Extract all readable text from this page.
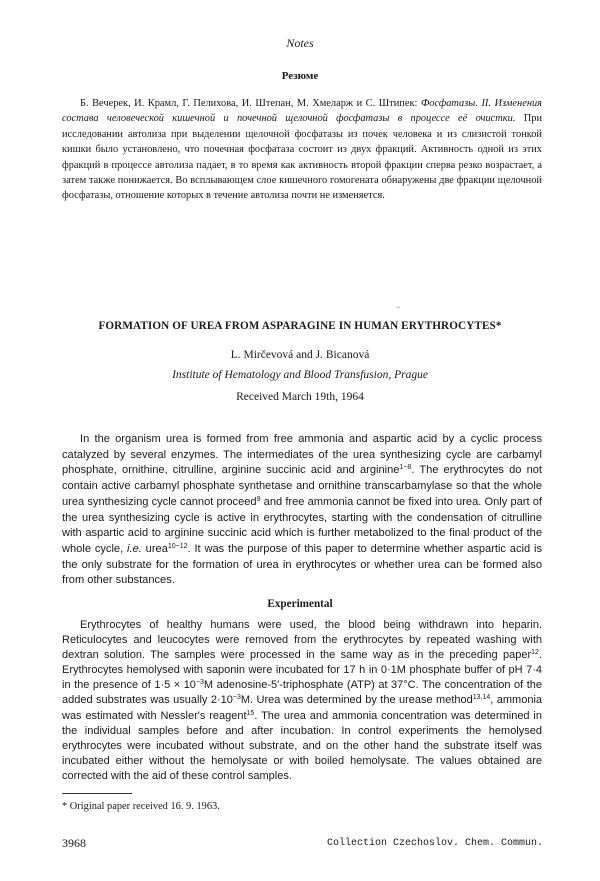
Notes
Резюме

Б. Вечерек, И. Крамл, Г. Пелихова, И. Штепан, М. Хмеларж и С. Штипек: Фосфатазы. II. Изменения состава человеческой кишечной и почечной щелочной фосфатазы в процессе её очистки. При исследовании автолиза при выделении щелочной фосфатазы из почек человека и из слизистой тонкой кишки было установлено, что почечная фосфатаза состоит из двух фракций. Активность одной из этих фракций в процессе автолиза падает, в то время как активность второй фракции сперва резко возрастает, а затем также понижается. Во всплывающем слое кишечного гомогената обнаружены две фракции щелочной фосфатазы, отношение которых в течение автолиза почти не изменяется.

~
FORMATION OF UREA FROM ASPARAGINE IN HUMAN ERYTHROCYTES*
L. Mirčevová and J. Bicanová
Institute of Hematology and Blood Transfusion, Prague
Received March 19th, 1964

In the organism urea is formed from free ammonia and aspartic acid by a cyclic process catalyzed by several enzymes. The intermediates of the urea synthesizing cycle are carbamyl phosphate, ornithine, citrulline, arginine succinic acid and arginine$^{1-8}$. The erythrocytes do not contain active carbamyl phosphate synthetase and ornithine transcarbamylase so that the whole urea synthesizing cycle cannot proceed$^9$ and free ammonia cannot be fixed into urea. Only part of the urea synthesizing cycle is active in erythrocytes, starting with the condensation of citrulline with aspartic acid to arginine succinic acid which is further metabolized to the final product of the whole cycle, i.e. urea$^{10-12}$. It was the purpose of this paper to determine whether aspartic acid is the only substrate for the formation of urea in erythrocytes or whether urea can be formed also from other substances.

Experimental

Erythrocytes of healthy humans were used, the blood being withdrawn into heparin. Reticulocytes and leucocytes were removed from the erythrocytes by repeated washing with dextran solution. The samples were processed in the same way as in the preceding paper$^{12}$. Erythrocytes hemolysed with saponin were incubated for 17 h in 0·1M phosphate buffer of pH 7·4 in the presence of $1\cdot 5 \times 10^{-3}M$ adenosine-5′-triphosphate (ATP) at 37°C. The concentration of the added substrates was usually $2\cdot 10^{-3}M$. Urea was determined by the urease method$^{13,14}$, ammonia was estimated with Nessler's reagent$^{15}$. The urea and ammonia concentration was determined in the individual samples before and after incubation. In control experiments the hemolysed erythrocytes were incubated without substrate, and on the other hand the substrate itself was incubated either without the hemolysate or with boiled hemolysate. The values obtained are corrected with the aid of these control samples.

* Original paper received 16. 9. 1963.
3968	Collection Czechoslov. Chem. Commun.
